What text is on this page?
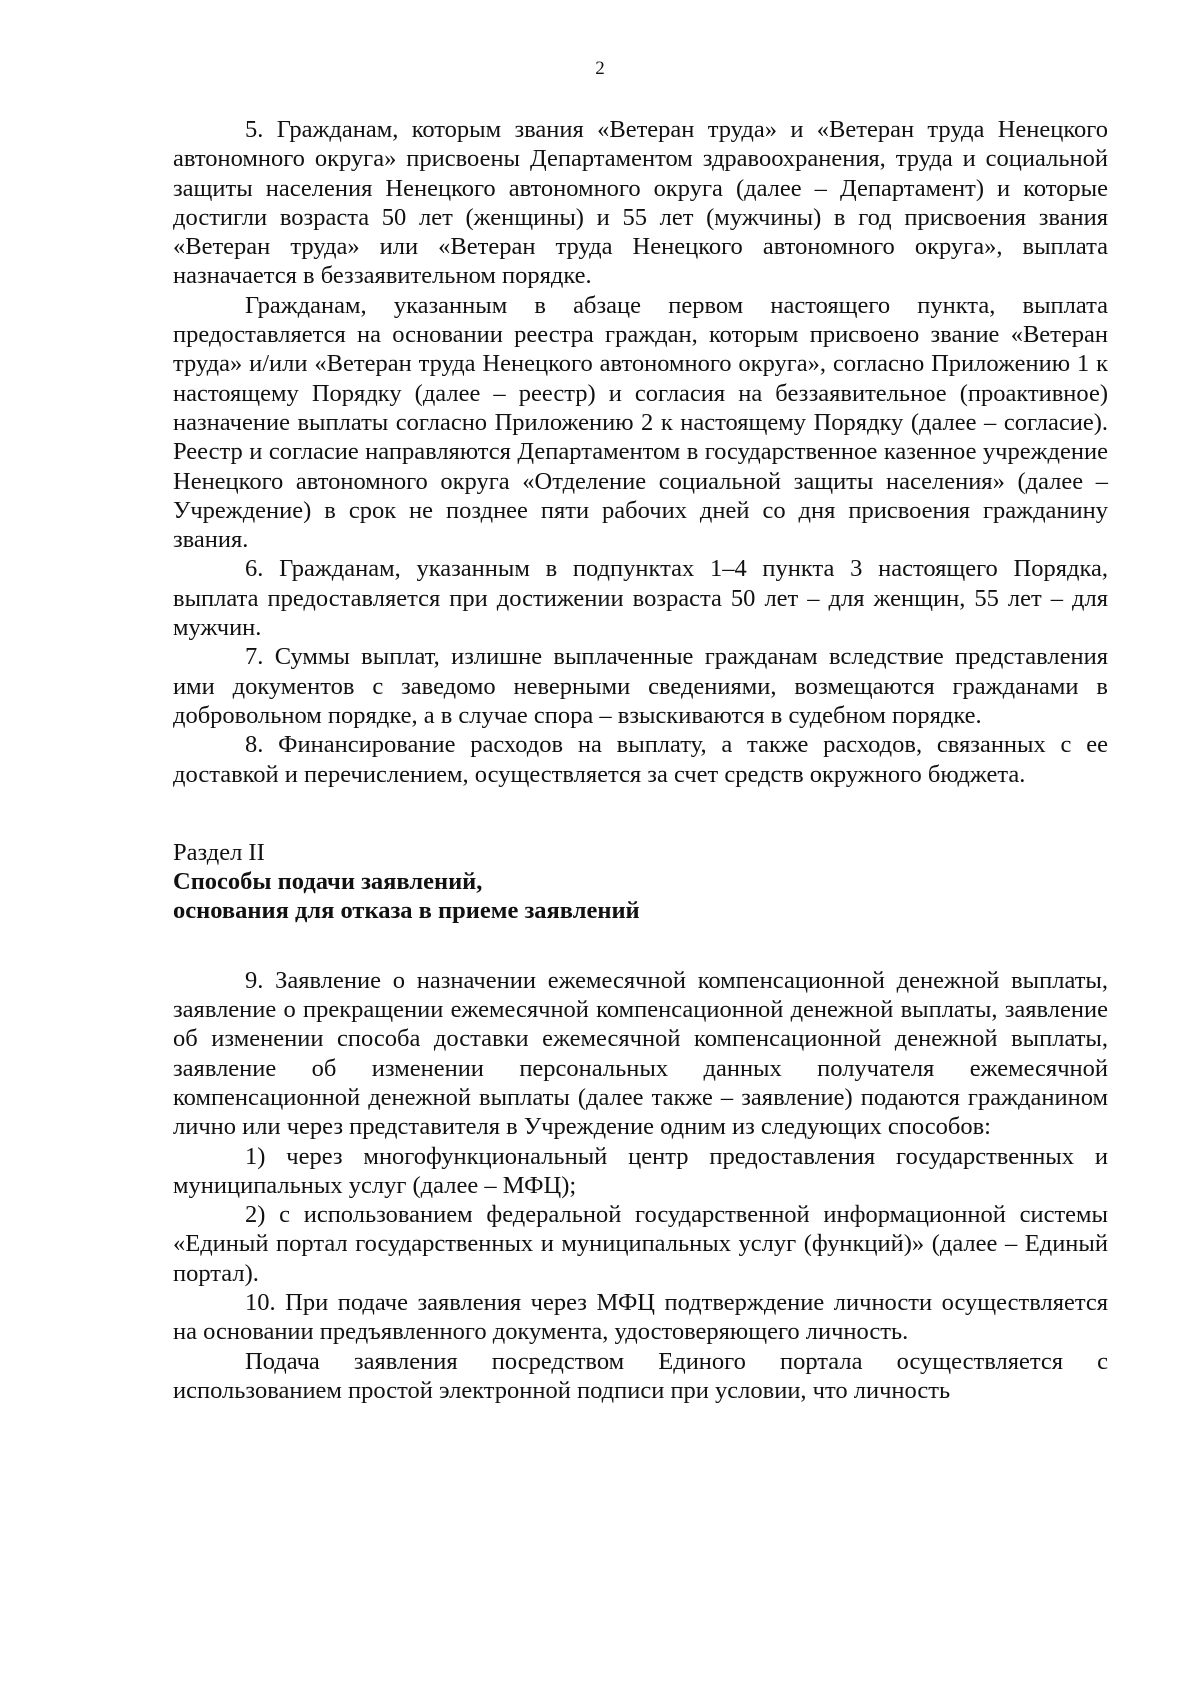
2

5. Гражданам, которым звания «Ветеран труда» и «Ветеран труда Ненецкого автономного округа» присвоены Департаментом здравоохранения, труда и социальной защиты населения Ненецкого автономного округа (далее – Департамент) и которые достигли возраста 50 лет (женщины) и 55 лет (мужчины) в год присвоения звания «Ветеран труда» или «Ветеран труда Ненецкого автономного округа», выплата назначается в беззаявительном порядке.

Гражданам, указанным в абзаце первом настоящего пункта, выплата предоставляется на основании реестра граждан, которым присвоено звание «Ветеран труда» и/или «Ветеран труда Ненецкого автономного округа», согласно Приложению 1 к настоящему Порядку (далее – реестр) и согласия на беззаявительное (проактивное) назначение выплаты согласно Приложению 2 к настоящему Порядку (далее – согласие). Реестр и согласие направляются Департаментом в государственное казенное учреждение Ненецкого автономного округа «Отделение социальной защиты населения» (далее – Учреждение) в срок не позднее пяти рабочих дней со дня присвоения гражданину звания.

6. Гражданам, указанным в подпунктах 1–4 пункта 3 настоящего Порядка, выплата предоставляется при достижении возраста 50 лет – для женщин, 55 лет – для мужчин.

7. Суммы выплат, излишне выплаченные гражданам вследствие представления ими документов с заведомо неверными сведениями, возмещаются гражданами в добровольном порядке, а в случае спора – взыскиваются в судебном порядке.

8. Финансирование расходов на выплату, а также расходов, связанных с ее доставкой и перечислением, осуществляется за счет средств окружного бюджета.

Раздел II

Способы подачи заявлений,

основания для отказа в приеме заявлений

9. Заявление о назначении ежемесячной компенсационной денежной выплаты, заявление о прекращении ежемесячной компенсационной денежной выплаты, заявление об изменении способа доставки ежемесячной компенсационной денежной выплаты, заявление об изменении персональных данных получателя ежемесячной компенсационной денежной выплаты (далее также – заявление) подаются гражданином лично или через представителя в Учреждение одним из следующих способов:

1) через многофункциональный центр предоставления государственных и муниципальных услуг (далее – МФЦ);

2) с использованием федеральной государственной информационной системы «Единый портал государственных и муниципальных услуг (функций)» (далее – Единый портал).

10. При подаче заявления через МФЦ подтверждение личности осуществляется на основании предъявленного документа, удостоверяющего личность.

Подача заявления посредством Единого портала осуществляется с использованием простой электронной подписи при условии, что личность
